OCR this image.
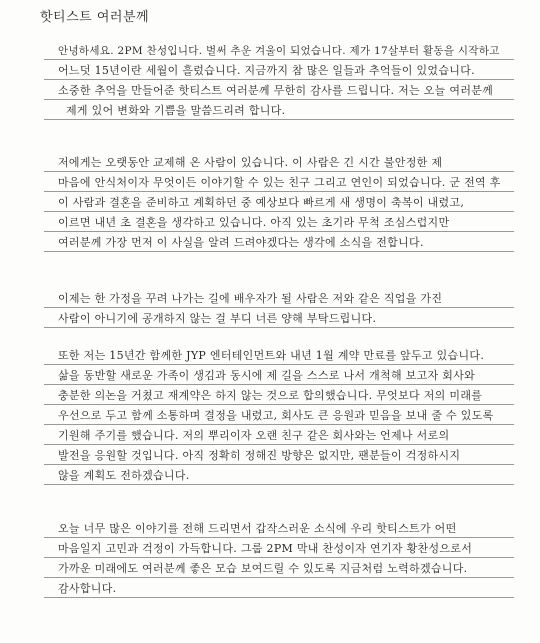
핫티스트 여러분께
안녕하세요. 2PM 찬성입니다. 벌써 추운 겨울이 되었습니다. 제가 17살부터 활동을 시작하고
어느덧 15년이란 세월이 흘렀습니다. 지금까지 참 많은 일들과 추억들이 있었습니다.
소중한 추억을 만들어준 핫티스트 여러분께 무한히 감사를 드립니다. 저는 오늘 여러분께
제게 있어 변화와 기쁨을 말씀드리려 합니다.
저에게는 오랫동안 교제해 온 사람이 있습니다. 이 사람은 긴 시간 불안정한 제
마음에 안식처이자 무엇이든 이야기할 수 있는 친구 그리고 연인이 되었습니다. 군 전역 후
이 사람과 결혼을 준비하고 계획하던 중 예상보다 빠르게 새 생명이 축복이 내렸고,
이르면 내년 초 결혼을 생각하고 있습니다. 아직 있는 초기라 무척 조심스럽지만
여러분께 가장 먼저 이 사실을 알려 드려야겠다는 생각에 소식을 전합니다.
이제는 한 가정을 꾸려 나가는 길에 배우자가 될 사람은 저와 같은 직업을 가진
사람이 아니기에 공개하지 않는 걸 부디 너른 양해 부탁드립니다.
또한 저는 15년간 함께한 JYP 엔터테인먼트와 내년 1월 계약 만료를 앞두고 있습니다.
삶을 동반할 새로운 가족이 생김과 동시에 제 길을 스스로 나서 개척해 보고자 회사와
충분한 의논을 거쳤고 재계약은 하지 않는 것으로 합의했습니다. 무엇보다 저의 미래를
우선으로 두고 함께 소통하며 결정을 내렸고, 회사도 큰 응원과 믿음을 보내 줄 수 있도록
기원해 주기를 했습니다. 저의 뿌리이자 오랜 친구 같은 회사와는 언제나 서로의
발전을 응원할 것입니다. 아직 정확히 정해진 방향은 없지만, 팬분들이 걱정하시지
않을 계획도 전하겠습니다.
오늘 너무 많은 이야기를 전해 드리면서 갑작스러운 소식에 우리 핫티스트가 어떤
마음일지 고민과 걱정이 가득합니다. 그룹 2PM 막내 찬성이자 연기자 황찬성으로서
가까운 미래에도 여러분께 좋은 모습 보여드릴 수 있도록 지금처럼 노력하겠습니다.
감사합니다.
